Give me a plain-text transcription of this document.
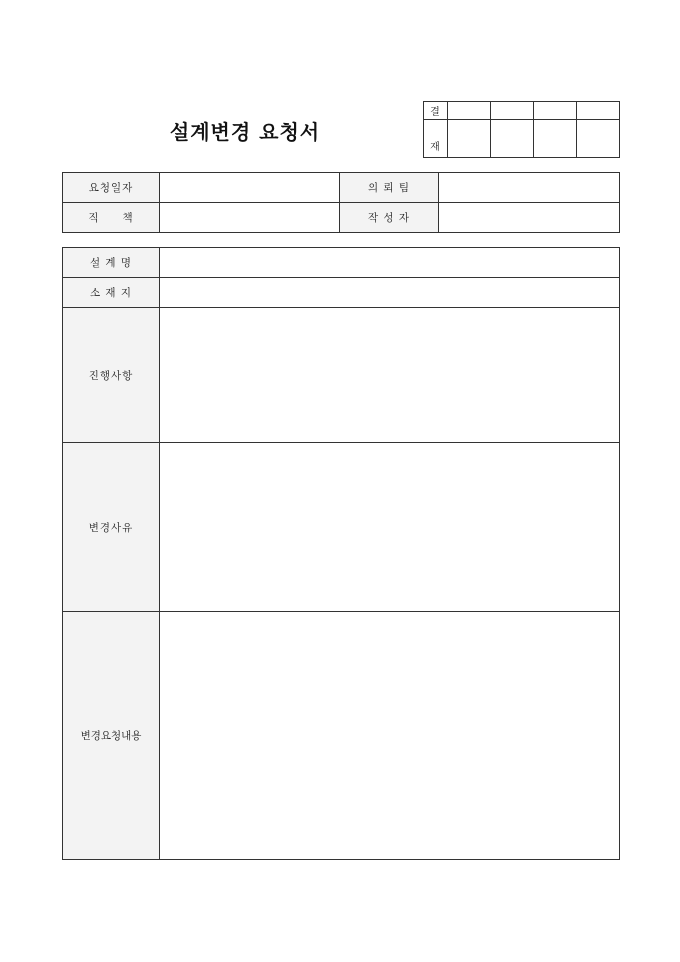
설계변경 요청서
결				
재				
요청일자		의 뢰 팀	
직　　책		작 성 자	
설 계 명	
소 재 지	
진행사항	
변경사유	
변경요청내용	
